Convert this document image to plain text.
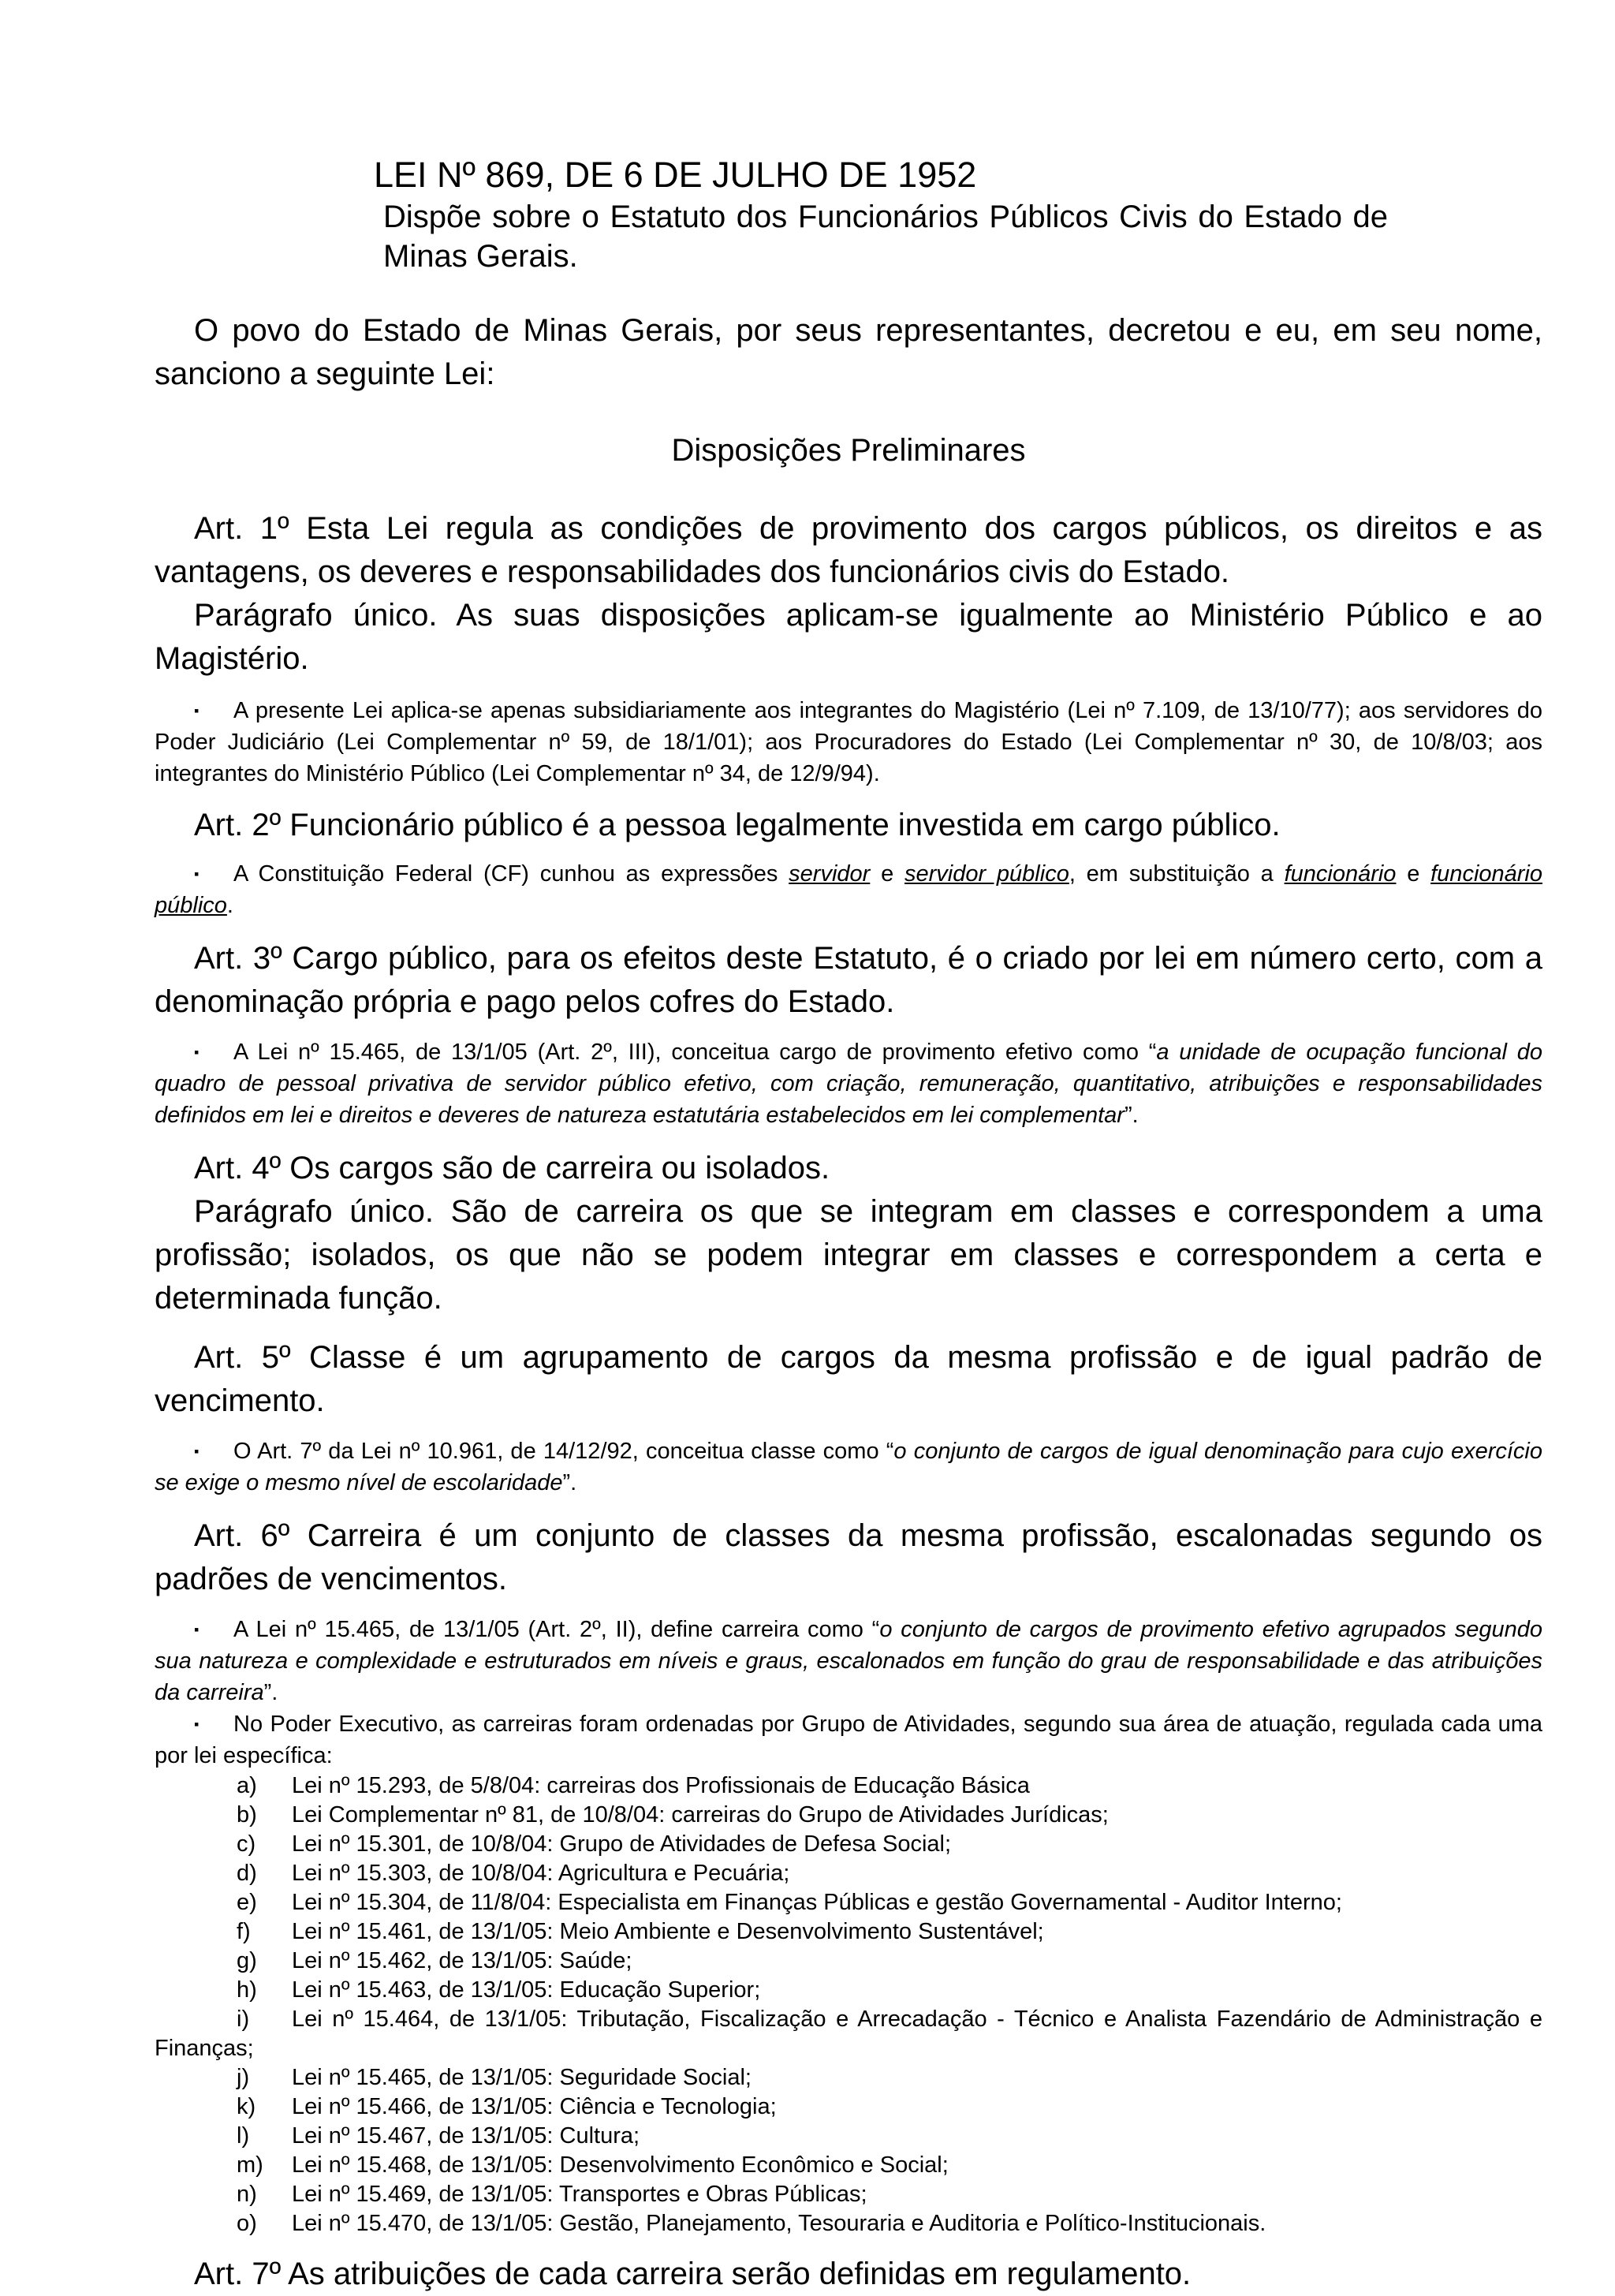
LEI Nº 869, DE 6 DE JULHO DE 1952
Dispõe sobre o Estatuto dos Funcionários Públicos Civis do Estado de Minas Gerais.

O povo do Estado de Minas Gerais, por seus representantes, decretou e eu, em seu nome, sanciono a seguinte Lei:

Disposições Preliminares

Art. 1º Esta Lei regula as condições de provimento dos cargos públicos, os direitos e as vantagens, os deveres e responsabilidades dos funcionários civis do Estado.

Parágrafo único. As suas disposições aplicam-se igualmente ao Ministério Público e ao Magistério.

▪ A presente Lei aplica-se apenas subsidiariamente aos integrantes do Magistério (Lei nº 7.109, de 13/10/77); aos servidores do Poder Judiciário (Lei Complementar nº 59, de 18/1/01); aos Procuradores do Estado (Lei Complementar nº 30, de 10/8/03; aos integrantes do Ministério Público (Lei Complementar nº 34, de 12/9/94).

Art. 2º Funcionário público é a pessoa legalmente investida em cargo público.

▪ A Constituição Federal (CF) cunhou as expressões servidor e servidor público, em substituição a funcionário e funcionário público.

Art. 3º Cargo público, para os efeitos deste Estatuto, é o criado por lei em número certo, com a denominação própria e pago pelos cofres do Estado.

▪ A Lei nº 15.465, de 13/1/05 (Art. 2º, III), conceitua cargo de provimento efetivo como “a unidade de ocupação funcional do quadro de pessoal privativa de servidor público efetivo, com criação, remuneração, quantitativo, atribuições e responsabilidades definidos em lei e direitos e deveres de natureza estatutária estabelecidos em lei complementar”.

Art. 4º Os cargos são de carreira ou isolados.

Parágrafo único. São de carreira os que se integram em classes e correspondem a uma profissão; isolados, os que não se podem integrar em classes e correspondem a certa e determinada função.

Art. 5º Classe é um agrupamento de cargos da mesma profissão e de igual padrão de vencimento.

▪ O Art. 7º da Lei nº 10.961, de 14/12/92, conceitua classe como “o conjunto de cargos de igual denominação para cujo exercício se exige o mesmo nível de escolaridade”.

Art. 6º Carreira é um conjunto de classes da mesma profissão, escalonadas segundo os padrões de vencimentos.

▪ A Lei nº 15.465, de 13/1/05 (Art. 2º, II), define carreira como “o conjunto de cargos de provimento efetivo agrupados segundo sua natureza e complexidade e estruturados em níveis e graus, escalonados em função do grau de responsabilidade e das atribuições da carreira”.

▪ No Poder Executivo, as carreiras foram ordenadas por Grupo de Atividades, segundo sua área de atuação, regulada cada uma por lei específica:

a)	Lei nº 15.293, de 5/8/04: carreiras dos Profissionais de Educação Básica
b)	Lei Complementar nº 81, de 10/8/04: carreiras do Grupo de Atividades Jurídicas;
c)	Lei nº 15.301, de 10/8/04: Grupo de Atividades de Defesa Social;
d)	Lei nº 15.303, de 10/8/04: Agricultura e Pecuária;
e)	Lei nº 15.304, de 11/8/04: Especialista em Finanças Públicas e gestão Governamental - Auditor Interno;
f)	Lei nº 15.461, de 13/1/05: Meio Ambiente e Desenvolvimento Sustentável;
g)	Lei nº 15.462, de 13/1/05: Saúde;
h)	Lei nº 15.463, de 13/1/05: Educação Superior;

i) Lei nº 15.464, de 13/1/05: Tributação, Fiscalização e Arrecadação - Técnico e Analista Fazendário de Administração e Finanças;

j)	Lei nº 15.465, de 13/1/05: Seguridade Social;
k)	Lei nº 15.466, de 13/1/05: Ciência e Tecnologia;
l)	Lei nº 15.467, de 13/1/05: Cultura;
m)	Lei nº 15.468, de 13/1/05: Desenvolvimento Econômico e Social;
n)	Lei nº 15.469, de 13/1/05: Transportes e Obras Públicas;
o)	Lei nº 15.470, de 13/1/05: Gestão, Planejamento, Tesouraria e Auditoria e Político-Institucionais.

Art. 7º As atribuições de cada carreira serão definidas em regulamento.
